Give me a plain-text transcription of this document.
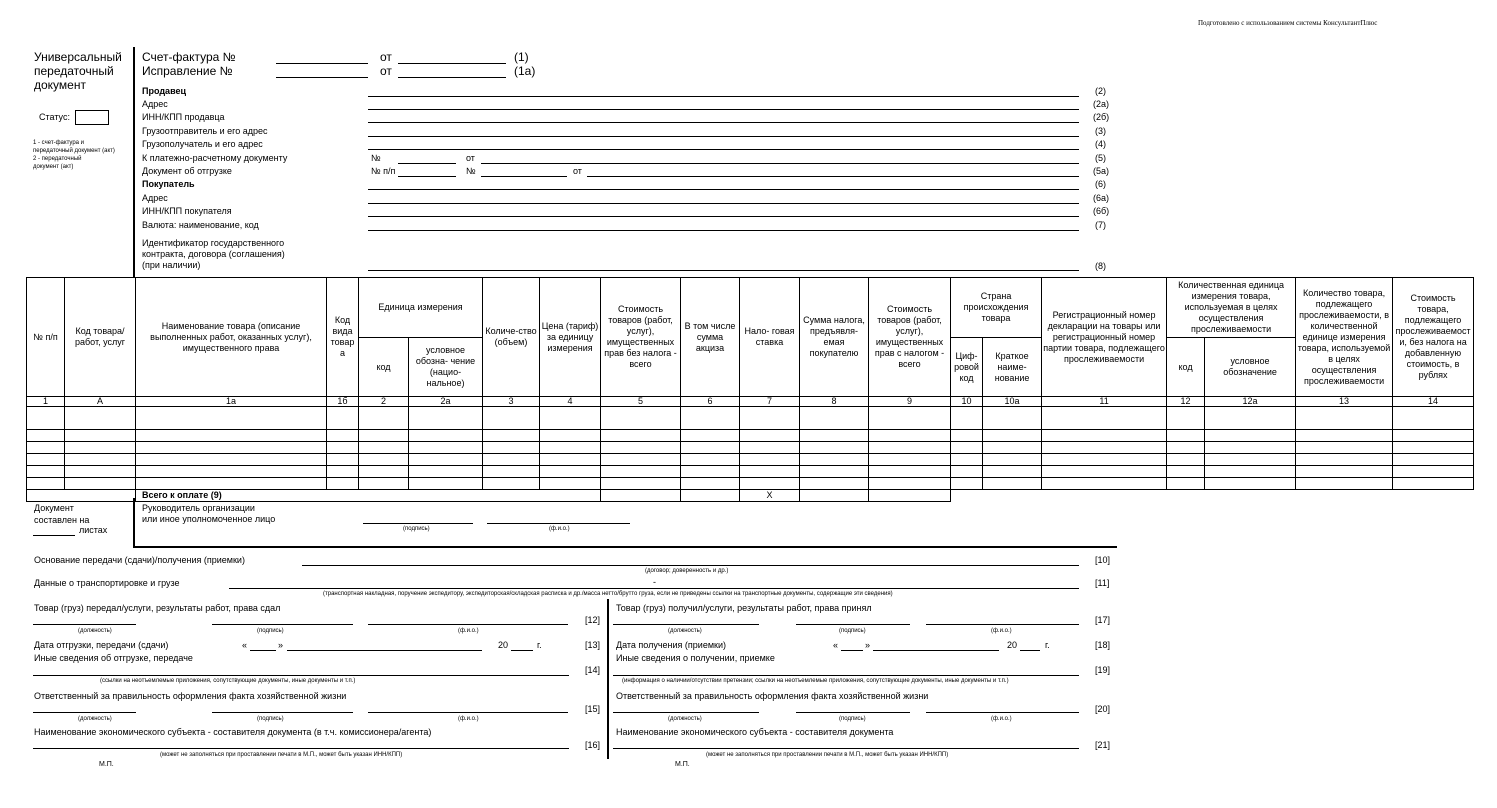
Подготовлено с использованием системы КонсультантПлюс
Универсальный
передаточный
документ
Статус:
1 - счет-фактура и
передаточный документ (акт)
2 - передаточный
документ (акт)
Счет-фактура №	от	(1)
Исправление №	от	(1а)
Продавец	(2)
Адрес	(2а)
ИНН/КПП продавца	(2б)
Грузоотправитель и его адрес	(3)
Грузополучатель и его адрес	(4)
К платежно-расчетному документу	№	от	(5)
Документ об отгрузке	№ п/п	№	от	(5а)
Покупатель	(6)
Адрес	(6а)
ИНН/КПП покупателя	(6б)
Валюта: наименование, код	(7)
Идентификатор государственного
контракта, договора (соглашения)
(при наличии)	(8)
№ п/п	Код товара/ работ, услуг	Наименование товара (описание выполненных работ, оказанных услуг), имущественного права	Код вида товар а	Единица измерения		Количе-ство (объем)	Цена (тариф) за единицу измерения	Стоимость товаров (работ, услуг), имущественных прав без налога - всего	В том числе сумма акциза	Нало- говая ставка	Сумма налога, предъявля- емая покупателю	Стоимость товаров (работ, услуг), имущественных прав с налогом - всего	Страна происхождения товара		Регистрационный номер декларации на товары или регистрационный номер партии товара, подлежащего прослеживаемости	Количественная единица измерения товара, используемая в целях осуществления прослеживаемости		Количество товара, подлежащего прослеживаемости, в количественной единице измерения товара, используемой в целях осуществления прослеживаемости	Стоимость товара, подлежащего прослеживаемост и, без налога на добавленную стоимость, в рублях
				код	условное обозна- чение (нацио- нальное)								Циф- ровой код	Краткое наиме- нование		код	условное обозначение		
1	А	1а	1б	2	2а	3	4	5	6	7	8	9	10	10а	11	12	12а	13	14

		Всего к оплате (9)								X									
Документ
составлен на
листах
Руководитель организации
или иное уполномоченное лицо
(подпись)	(ф.и.о.)
Основание передачи (сдачи)/получения (приемки)
(договор; доверенность и др.)
[10]
Данные о транспортировке и грузе	-
(транспортная накладная, поручение экспедитору, экспедиторская/складская расписка и др./масса нетто/брутто груза, если не приведены ссылки на транспортные документы, содержащие эти сведения)
[11]
Товар (груз) передал/услуги, результаты работ, права сдал
(должность)	(подпись)	(ф.и.о.)
[12]
Дата отгрузки, передачи (сдачи)	«	»	20	г.	[13]
Иные сведения об отгрузке, передаче
[14]
(ссылки на неотъемлемые приложения, сопутствующие документы, иные документы и т.п.)
Ответственный за правильность оформления факта хозяйственной жизни
(должность)	(подпись)	(ф.и.о.)
[15]
Наименование экономического субъекта - составителя документа (в т.ч. комиссионера/агента)
[16]
(может не заполняться при проставлении печати в М.П., может быть указан ИНН/КПП)
М.П.
Товар (груз) получил/услуги, результаты работ, права принял
(должность)	(подпись)	(ф.и.о.)
[17]
Дата получения (приемки)	«	»	20	г.	[18]
Иные сведения о получении, приемке
[19]
(информация о наличии/отсутствии претензии; ссылки на неотъемлемые приложения, сопутствующие документы, иные документы и т.п.)
Ответственный за правильность оформления факта хозяйственной жизни
(должность)	(подпись)	(ф.и.о.)
[20]
Наименование экономического субъекта - составителя документа
[21]
(может не заполняться при проставлении печати в М.П., может быть указан ИНН/КПП)
М.П.
